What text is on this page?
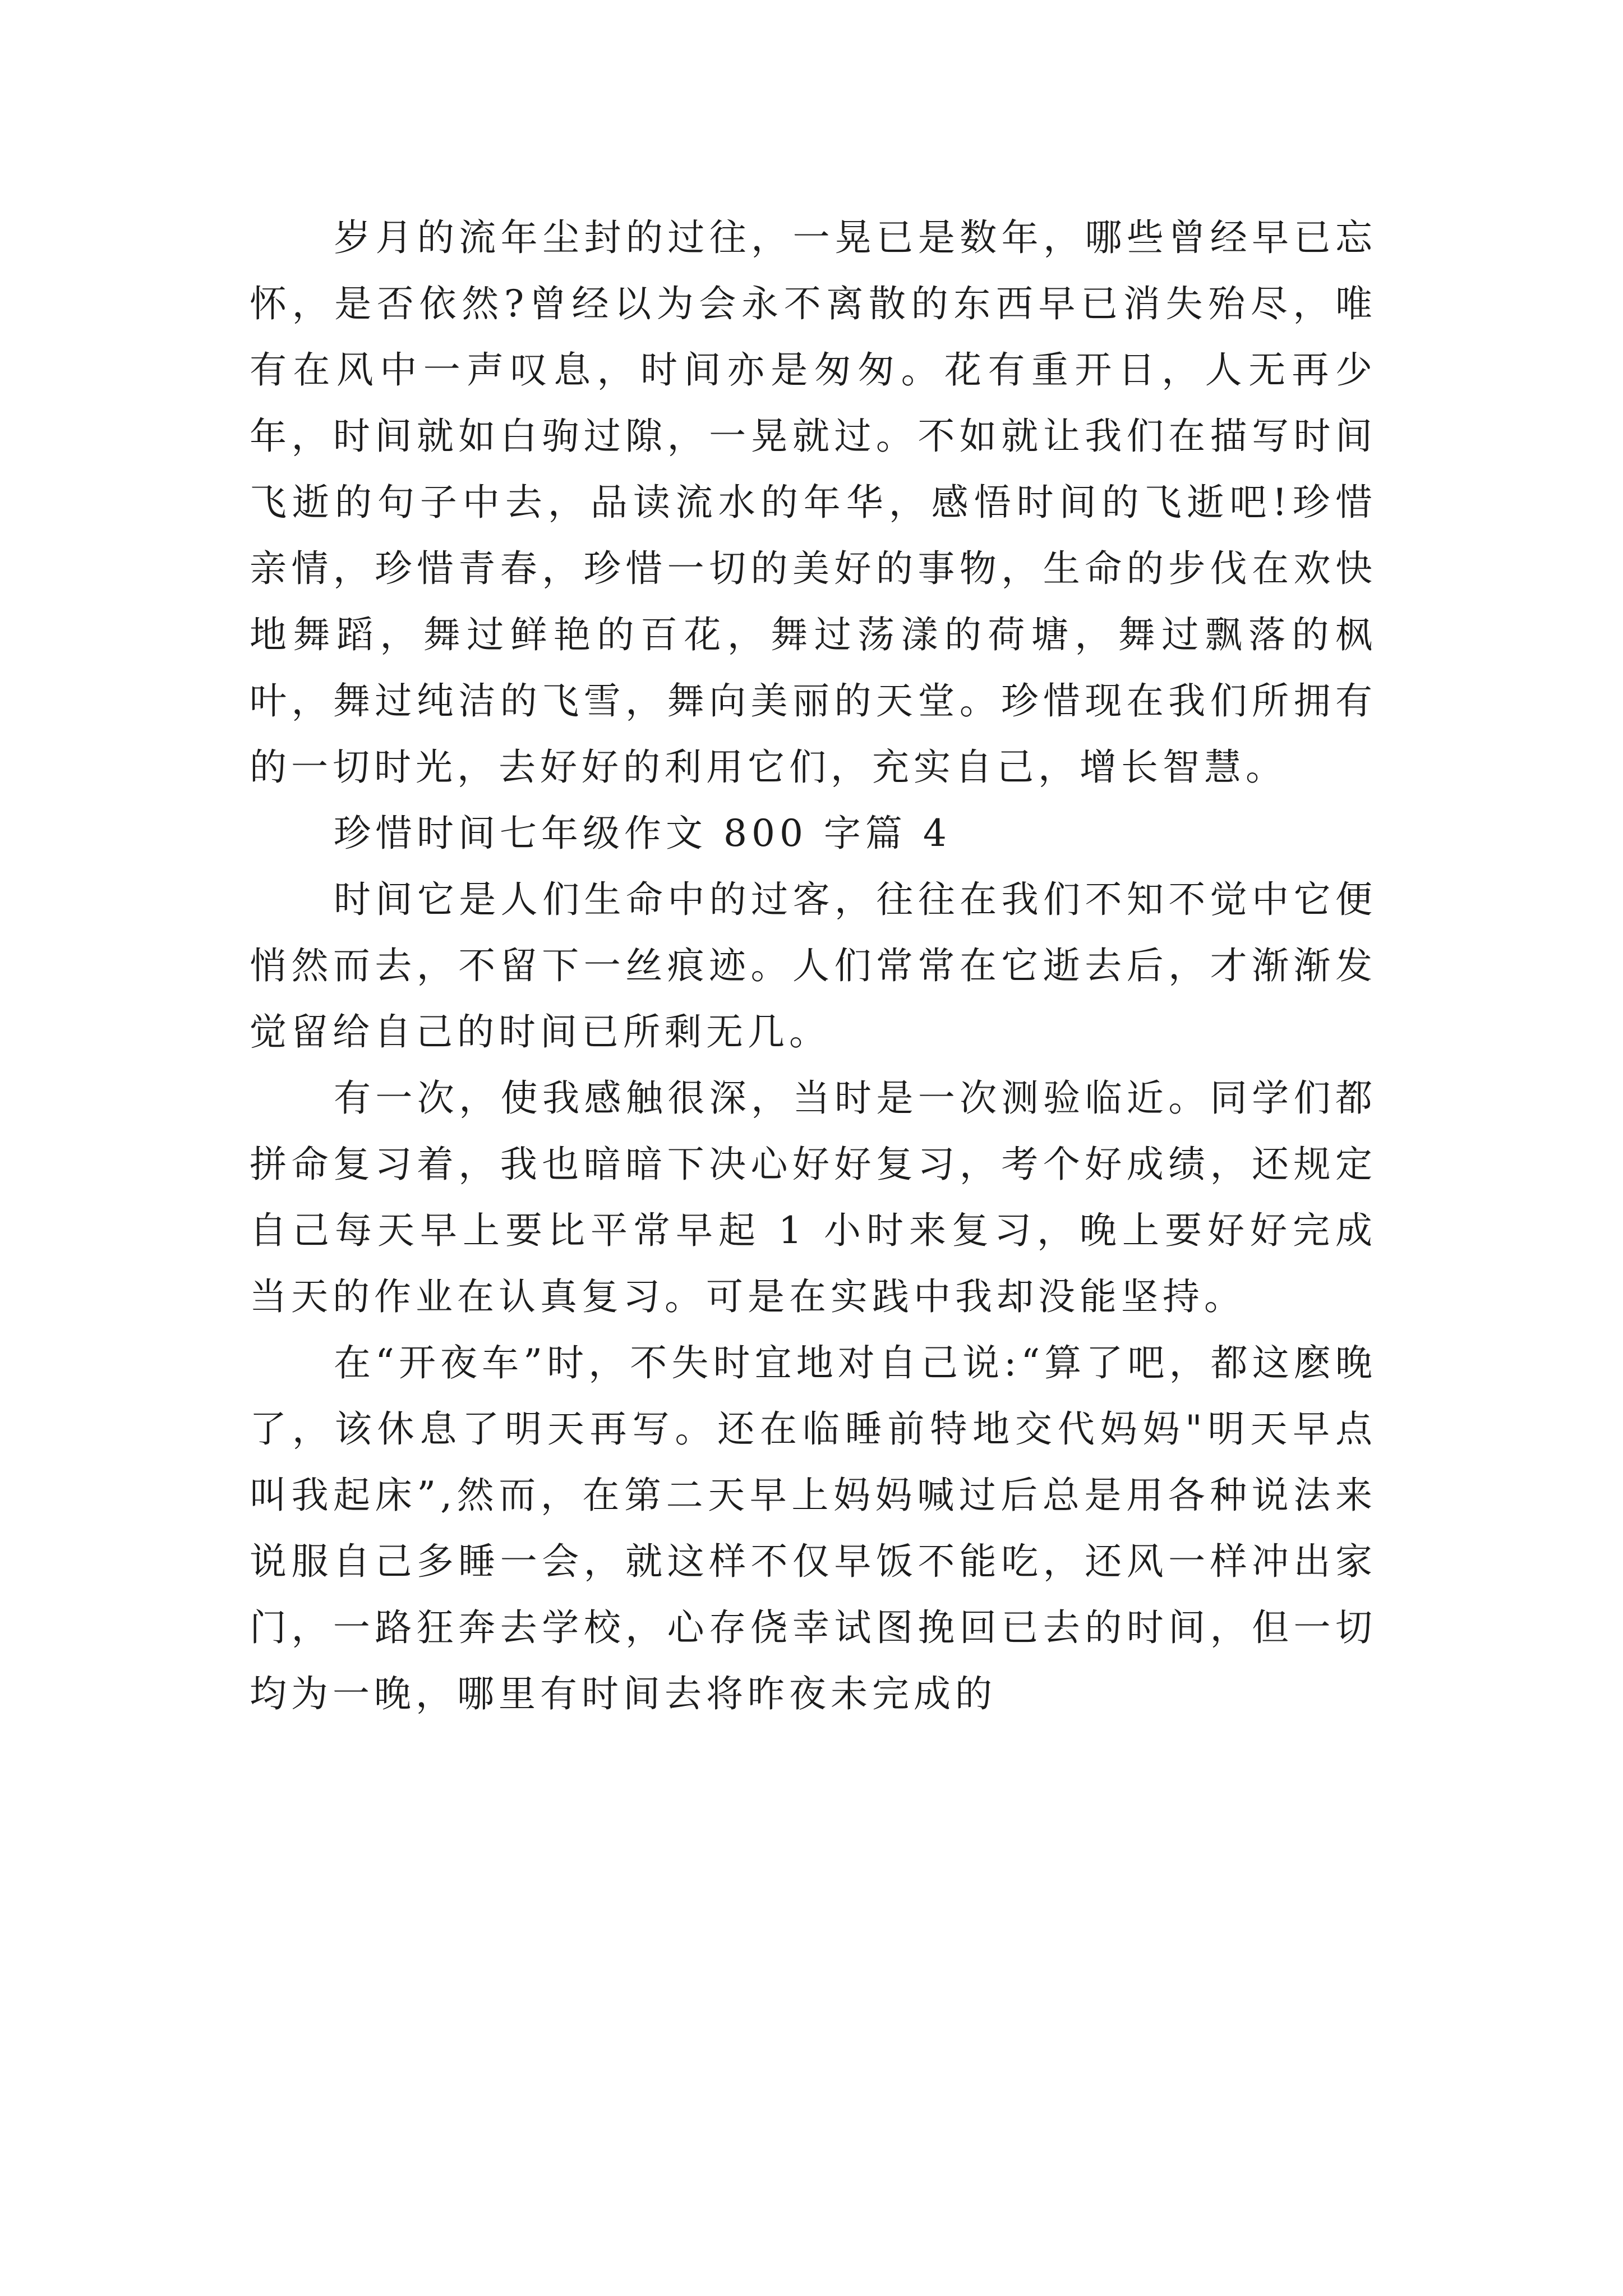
岁月的流年尘封的过往，一晃已是数年，哪些曾经早已忘怀，是否依然?曾经以为会永不离散的东西早已消失殆尽，唯有在风中一声叹息，时间亦是匆匆。花有重开日，人无再少年，时间就如白驹过隙，一晃就过。不如就让我们在描写时间飞逝的句子中去，品读流水的年华，感悟时间的飞逝吧!珍惜亲情，珍惜青春，珍惜一切的美好的事物，生命的步伐在欢快地舞蹈，舞过鲜艳的百花，舞过荡漾的荷塘，舞过飘落的枫叶，舞过纯洁的飞雪，舞向美丽的天堂。珍惜现在我们所拥有的一切时光，去好好的利用它们，充实自己，增长智慧。

珍惜时间七年级作文 800 字篇 4

时间它是人们生命中的过客，往往在我们不知不觉中它便悄然而去，不留下一丝痕迹。人们常常在它逝去后，才渐渐发觉留给自己的时间已所剩无几。

有一次，使我感触很深，当时是一次测验临近。同学们都拼命复习着，我也暗暗下决心好好复习，考个好成绩，还规定自己每天早上要比平常早起 1 小时来复习，晚上要好好完成当天的作业在认真复习。可是在实践中我却没能坚持。

在“开夜车”时，不失时宜地对自己说:“算了吧，都这麽晚了，该休息了明天再写。还在临睡前特地交代妈妈"明天早点叫我起床”,然而，在第二天早上妈妈喊过后总是用各种说法来说服自己多睡一会，就这样不仅早饭不能吃，还风一样冲出家门，一路狂奔去学校，心存侥幸试图挽回已去的时间，但一切均为一晚，哪里有时间去将昨夜未完成的
